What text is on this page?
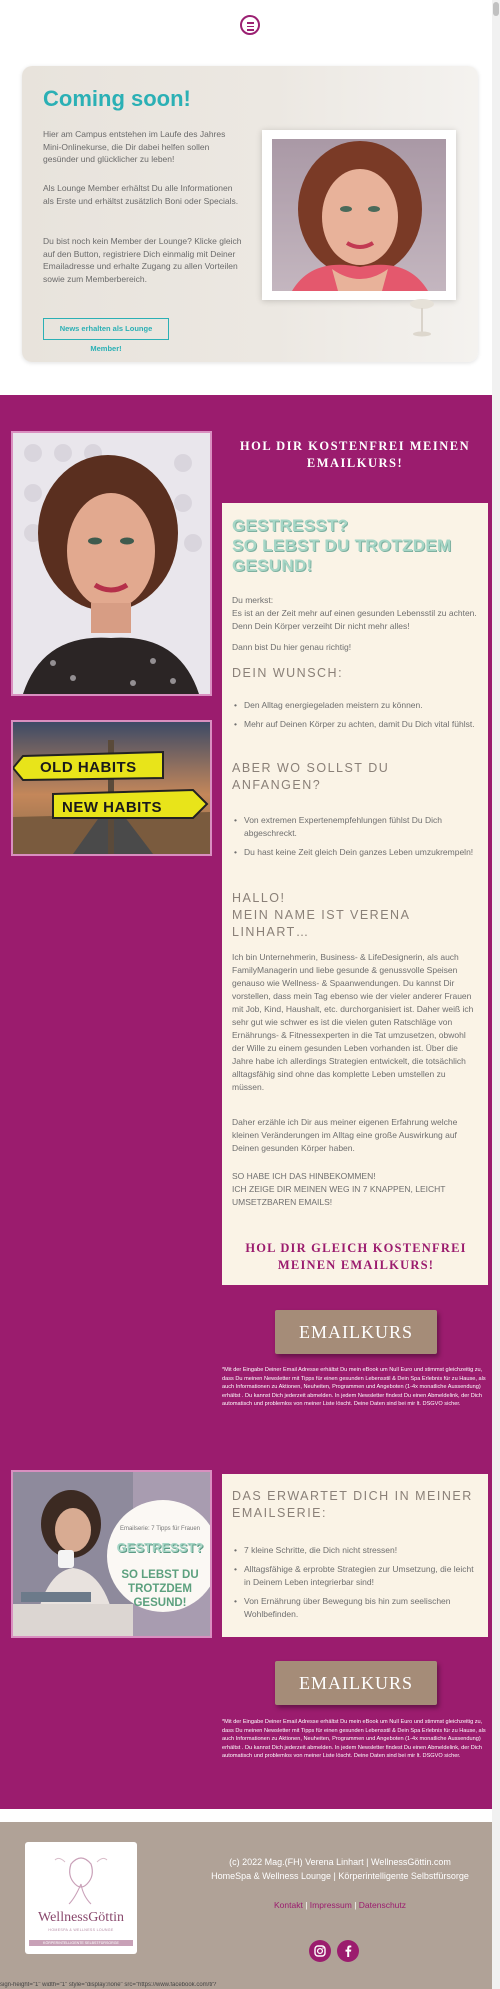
Coming soon!
Hier am Campus entstehen im Laufe des Jahres Mini-Onlinekurse, die Dir dabei helfen sollen gesünder und glücklicher zu leben!
Als Lounge Member erhältst Du alle Informationen als Erste und erhältst zusätzlich Boni oder Specials.
Du bist noch kein Member der Lounge? Klicke gleich auf den Button, registriere Dich einmalig mit Deiner Emailadresse und erhalte Zugang zu allen Vorteilen sowie zum Memberbereich.
News erhalten als Lounge Member!
OLD HABITS
NEW HABITS
HOL DIR KOSTENFREI MEINEN EMAILKURS!
GESTRESST?
SO LEBST DU TROTZDEM GESUND!
Du merkst:
Es ist an der Zeit mehr auf einen gesunden Lebensstil zu achten. Denn Dein Körper verzeiht Dir nicht mehr alles!
Dann bist Du hier genau richtig!
DEIN WUNSCH:
• Den Alltag energiegeladen meistern zu können.
• Mehr auf Deinen Körper zu achten, damit Du Dich vital fühlst.
ABER WO SOLLST DU ANFANGEN?
• Von extremen Expertenempfehlungen fühlst Du Dich abgeschreckt.
• Du hast keine Zeit gleich Dein ganzes Leben umzukrempeln!
HALLO!
MEIN NAME IST VERENA LINHART…
Ich bin Unternehmerin, Business- & LifeDesignerin, als auch FamilyManagerin und liebe gesunde & genussvolle Speisen genauso wie Wellness- & Spaanwendungen. Du kannst Dir vorstellen, dass mein Tag ebenso wie der vieler anderer Frauen mit Job, Kind, Haushalt, etc. durchorganisiert ist. Daher weiß ich sehr gut wie schwer es ist die vielen guten Ratschläge von Ernährungs- & Fitnessexperten in die Tat umzusetzen, obwohl der Wille zu einem gesunden Leben vorhanden ist. Über die Jahre habe ich allerdings Strategien entwickelt, die totsächlich alltagsfähig sind ohne das komplette Leben umstellen zu müssen.
Daher erzähle ich Dir aus meiner eigenen Erfahrung welche kleinen Veränderungen im Alltag eine große Auswirkung auf Deinen gesunden Körper haben.
SO HABE ICH DAS HINBEKOMMEN!
ICH ZEIGE DIR MEINEN WEG IN 7 KNAPPEN, LEICHT UMSETZBAREN EMAILS!
HOL DIR GLEICH KOSTENFREI MEINEN EMAILKURS!
EMAILKURS
*Mit der Eingabe Deiner Email Adresse erhältst Du mein eBook um Null Euro und stimmst gleichzeitig zu, dass Du meinen Newsletter mit Tipps für einen gesunden Lebensstil & Dein Spa Erlebnis für zu Hause, als auch Informationen zu Aktionen, Neuheiten, Programmen und Angeboten (1-4x monatliche Aussendung) erhältst . Du kannst Dich jederzeit abmelden. In jedem Newsletter findest Du einen Abmeldelink, der Dich automatisch und problemlos von meiner Liste löscht. Deine Daten sind bei mir lt. DSGVO sicher.
Emailserie: 7 Tipps für Frauen
GESTRESST?
SO LEBST DU TROTZDEM GESUND!
DAS ERWARTET DICH IN MEINER EMAILSERIE:
• 7 kleine Schritte, die Dich nicht stressen!
• Alltagsfähige & erprobte Strategien zur Umsetzung, die leicht in Deinem Leben integrierbar sind!
• Von Ernährung über Bewegung bis hin zum seelischen Wohlbefinden.
EMAILKURS
*Mit der Eingabe Deiner Email Adresse erhältst Du mein eBook um Null Euro und stimmst gleichzeitig zu, dass Du meinen Newsletter mit Tipps für einen gesunden Lebensstil & Dein Spa Erlebnis für zu Hause, als auch Informationen zu Aktionen, Neuheiten, Programmen und Angeboten (1-4x monatliche Aussendung) erhältst . Du kannst Dich jederzeit abmelden. In jedem Newsletter findest Du einen Abmeldelink, der Dich automatisch und problemlos von meiner Liste löscht. Deine Daten sind bei mir lt. DSGVO sicher.
WellnessGöttin
HOMESPA & WELLNESS LOUNGE
KÖRPERINTELLIGENTE SELBSTFÜRSORGE
(c) 2022 Mag.(FH) Verena Linhart | WellnessGöttin.com
HomeSpa & Wellness Lounge | Körperintelligente Selbstfürsorge
Kontakt | Impressum | Datenschutz
sign-height="1" width="1" style="display:none" src="https://www.facebook.com/tr?
